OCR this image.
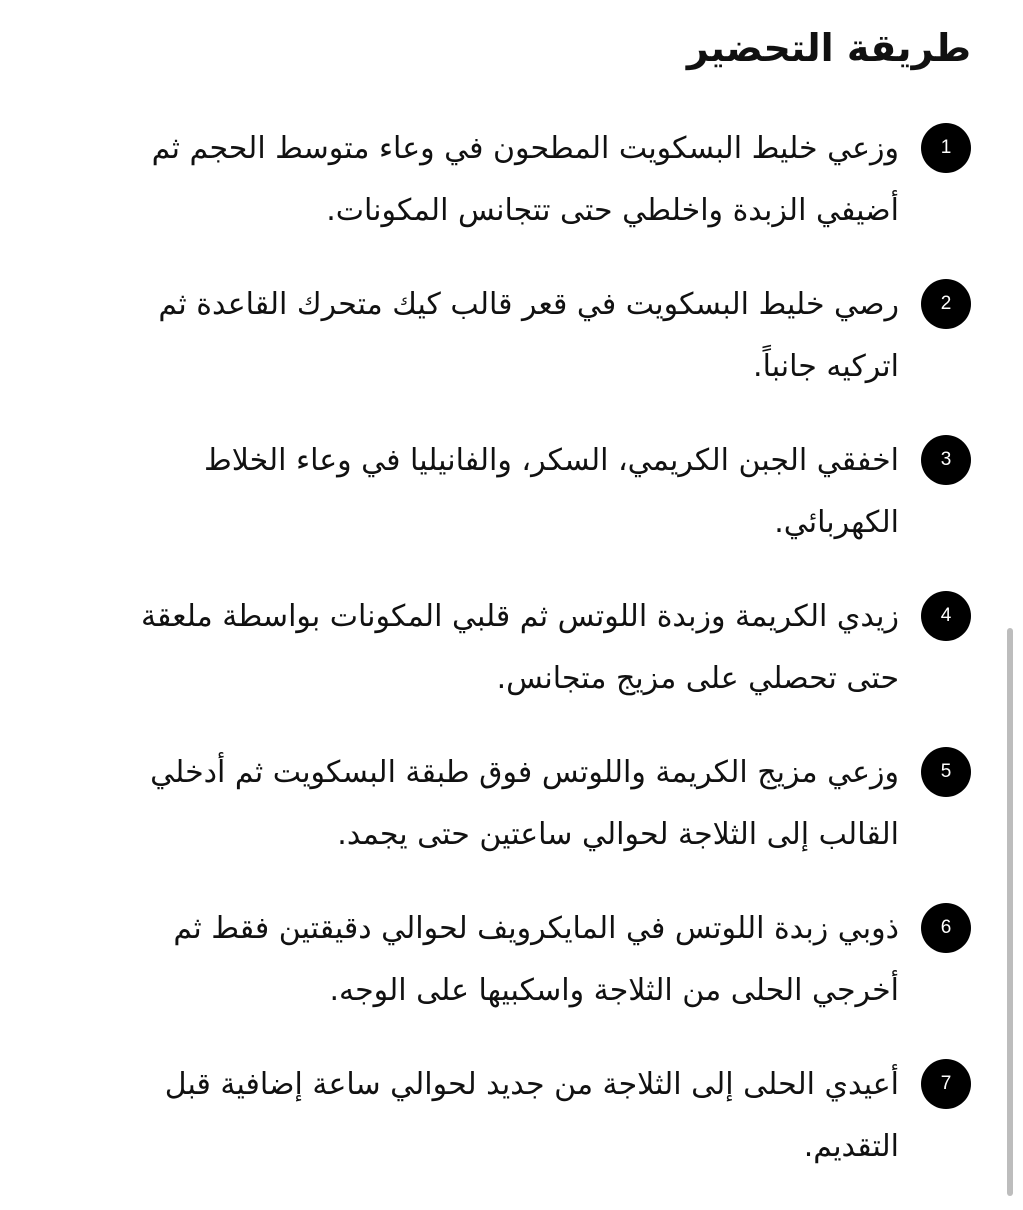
طريقة التحضير
1

وزعي خليط البسكويت المطحون في وعاء متوسط الحجم ثم أضيفي الزبدة واخلطي حتى تتجانس المكونات.

2

رصي خليط البسكويت في قعر قالب كيك متحرك القاعدة ثم اتركيه جانباً.

3

اخفقي الجبن الكريمي، السكر، والفانيليا في وعاء الخلاط الكهربائي.

4

زيدي الكريمة وزبدة اللوتس ثم قلبي المكونات بواسطة ملعقة حتى تحصلي على مزيج متجانس.

5

وزعي مزيج الكريمة واللوتس فوق طبقة البسكويت ثم أدخلي القالب إلى الثلاجة لحوالي ساعتين حتى يجمد.

6

ذوبي زبدة اللوتس في المايكرويف لحوالي دقيقتين فقط ثم أخرجي الحلى من الثلاجة واسكبيها على الوجه.

7

أعيدي الحلى إلى الثلاجة من جديد لحوالي ساعة إضافية قبل التقديم.
